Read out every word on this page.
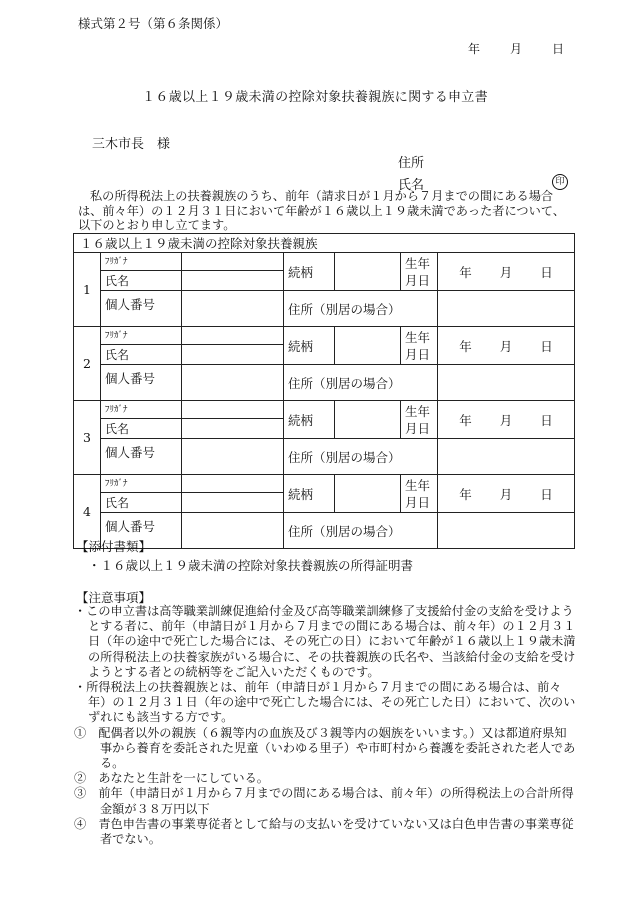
様式第２号（第６条関係）
年	月	日
１６歳以上１９歳未満の控除対象扶養親族に関する申立書
三木市長　様
住所
氏名	印
私の所得税法上の扶養親族のうち、前年（請求日が１月から７月までの間にある場合は、前々年）の１２月３１日において年齢が１６歳以上１９歳未満であった者について、以下のとおり申し立てます。
１６歳以上１９歳未満の控除対象扶養親族						
1	ﾌﾘｶﾞﾅ		続柄		生年
月日	年 月 日
	氏名					
	個人番号		住所（別居の場合）			
2	ﾌﾘｶﾞﾅ		続柄		生年
月日	年 月 日
	氏名					
	個人番号		住所（別居の場合）			
3	ﾌﾘｶﾞﾅ		続柄		生年
月日	年 月 日
	氏名					
	個人番号		住所（別居の場合）			
4	ﾌﾘｶﾞﾅ		続柄		生年
月日	年 月 日
	氏名					
	個人番号		住所（別居の場合）			
【添付書類】
・１６歳以上１９歳未満の控除対象扶養親族の所得証明書
【注意事項】

・この申立書は高等職業訓練促進給付金及び高等職業訓練修了支援給付金の支給を受けようとする者に、前年（申請日が１月から７月までの間にある場合は、前々年）の１２月３１日（年の途中で死亡した場合には、その死亡の日）において年齢が１６歳以上１９歳未満の所得税法上の扶養家族がいる場合に、その扶養親族の氏名や、当該給付金の支給を受けようとする者との続柄等をご記入いただくものです。

・所得税法上の扶養親族とは、前年（申請日が１月から７月までの間にある場合は、前々年）の１２月３１日（年の途中で死亡した場合には、その死亡した日）において、次のいずれにも該当する方です。

①　配偶者以外の親族（６親等内の血族及び３親等内の姻族をいいます。）又は都道府県知事から養育を委託された児童（いわゆる里子）や市町村から養護を委託された老人である。

②　あなたと生計を一にしている。

③　前年（申請日が１月から７月までの間にある場合は、前々年）の所得税法上の合計所得金額が３８万円以下

④　青色申告書の事業専従者として給与の支払いを受けていない又は白色申告書の事業専従者でない。
